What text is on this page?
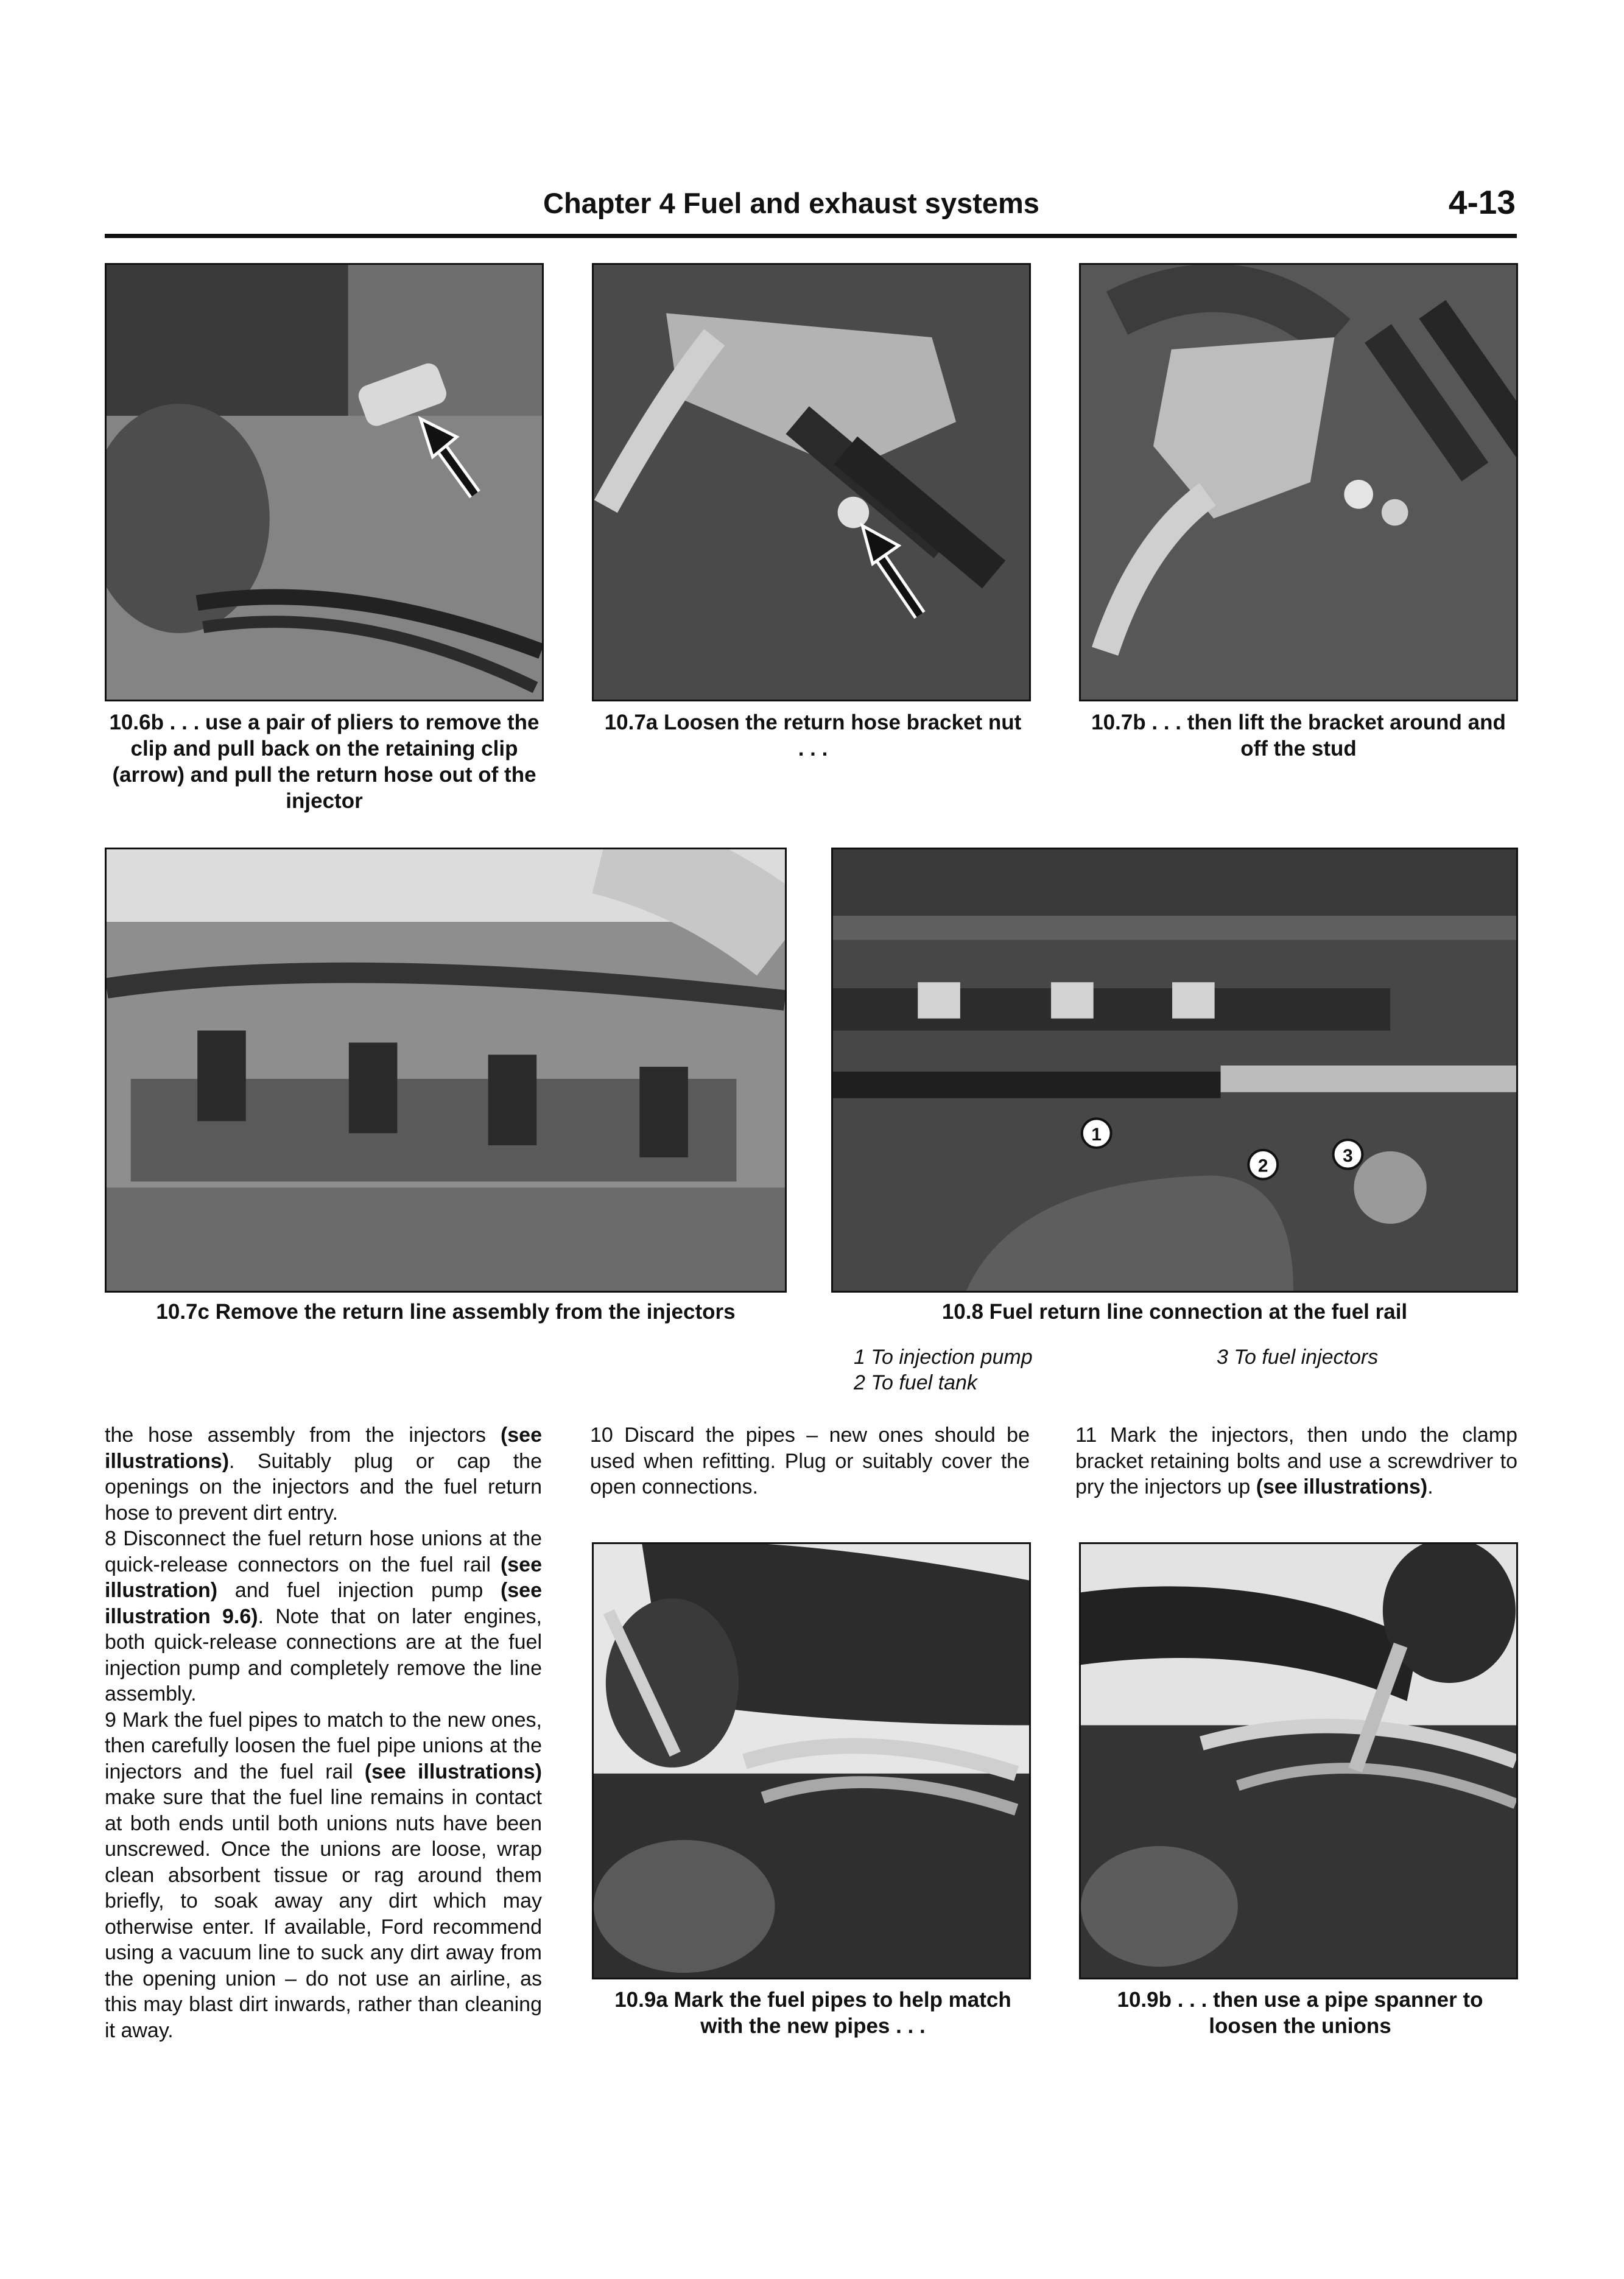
Chapter 4 Fuel and exhaust systems	4-13

10.6b . . . use a pair of pliers to remove the clip and pull back on the retaining clip (arrow) and pull the return hose out of the injector

10.7a Loosen the return hose bracket nut . . .

10.7b . . . then lift the bracket around and off the stud

1
2
3

10.7c Remove the return line assembly from the injectors	10.8 Fuel return line connection at the fuel rail

1 To injection pump
2 To fuel tank
3 To fuel injectors

the hose assembly from the injectors (see illustrations). Suitably plug or cap the openings on the injectors and the fuel return hose to prevent dirt entry.

8 Disconnect the fuel return hose unions at the quick-release connectors on the fuel rail (see illustration) and fuel injection pump (see illustration 9.6). Note that on later engines, both quick-release connections are at the fuel injection pump and completely remove the line assembly.

9 Mark the fuel pipes to match to the new ones, then carefully loosen the fuel pipe unions at the injectors and the fuel rail (see illustrations) make sure that the fuel line remains in contact at both ends until both unions nuts have been unscrewed. Once the unions are loose, wrap clean absorbent tissue or rag around them briefly, to soak away any dirt which may otherwise enter. If available, Ford recommend using a vacuum line to suck any dirt away from the opening union – do not use an airline, as this may blast dirt inwards, rather than cleaning it away.

10 Discard the pipes – new ones should be used when refitting. Plug or suitably cover the open connections.

11 Mark the injectors, then undo the clamp bracket retaining bolts and use a screwdriver to pry the injectors up (see illustrations).

10.9a Mark the fuel pipes to help match with the new pipes . . .

10.9b . . . then use a pipe spanner to loosen the unions
